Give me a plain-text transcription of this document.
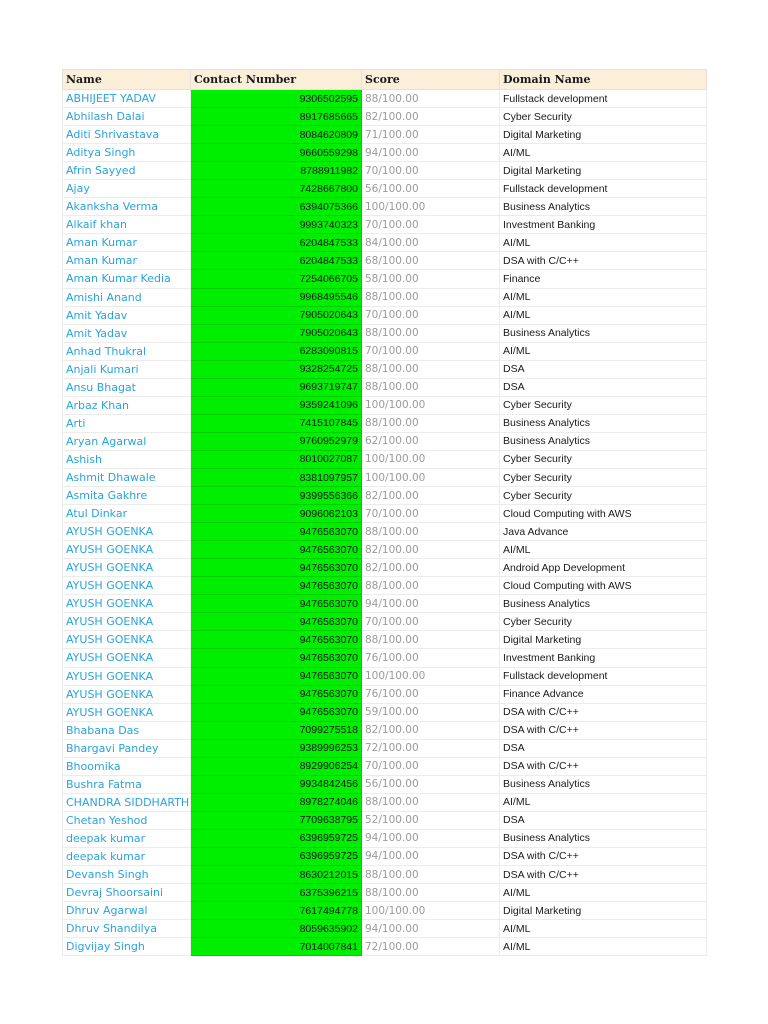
Name	Contact Number	Score	Domain Name
ABHIJEET YADAV	9306502595	88/100.00	Fullstack development
Abhilash Dalai	8917685665	82/100.00	Cyber Security
Aditi Shrivastava	8084620809	71/100.00	Digital Marketing
Aditya Singh	9660559298	94/100.00	AI/ML
Afrin Sayyed	8788911982	70/100.00	Digital Marketing
Ajay	7428667800	56/100.00	Fullstack development
Akanksha Verma	6394075366	100/100.00	Business Analytics
Alkaif khan	9993740323	70/100.00	Investment Banking
Aman Kumar	6204847533	84/100.00	AI/ML
Aman Kumar	6204847533	68/100.00	DSA with C/C++
Aman Kumar Kedia	7254066705	58/100.00	Finance
Amishi Anand	9968495546	88/100.00	AI/ML
Amit Yadav	7905020643	70/100.00	AI/ML
Amit Yadav	7905020643	88/100.00	Business Analytics
Anhad Thukral	6283090815	70/100.00	AI/ML
Anjali Kumari	9328254725	88/100.00	DSA
Ansu Bhagat	9693719747	88/100.00	DSA
Arbaz Khan	9359241096	100/100.00	Cyber Security
Arti	7415107845	88/100.00	Business Analytics
Aryan Agarwal	9760952979	62/100.00	Business Analytics
Ashish	8010027087	100/100.00	Cyber Security
Ashmit Dhawale	8381097957	100/100.00	Cyber Security
Asmita Gakhre	9399556366	82/100.00	Cyber Security
Atul Dinkar	9096062103	70/100.00	Cloud Computing with AWS
AYUSH GOENKA	9476563070	88/100.00	Java Advance
AYUSH GOENKA	9476563070	82/100.00	AI/ML
AYUSH GOENKA	9476563070	82/100.00	Android App Development
AYUSH GOENKA	9476563070	88/100.00	Cloud Computing with AWS
AYUSH GOENKA	9476563070	94/100.00	Business Analytics
AYUSH GOENKA	9476563070	70/100.00	Cyber Security
AYUSH GOENKA	9476563070	88/100.00	Digital Marketing
AYUSH GOENKA	9476563070	76/100.00	Investment Banking
AYUSH GOENKA	9476563070	100/100.00	Fullstack development
AYUSH GOENKA	9476563070	76/100.00	Finance Advance
AYUSH GOENKA	9476563070	59/100.00	DSA with C/C++
Bhabana Das	7099275518	82/100.00	DSA with C/C++
Bhargavi Pandey	9389996253	72/100.00	DSA
Bhoomika	8929906254	70/100.00	DSA with C/C++
Bushra Fatma	9934842456	56/100.00	Business Analytics
CHANDRA SIDDHARTH	8978274046	88/100.00	AI/ML
Chetan Yeshod	7709638795	52/100.00	DSA
deepak kumar	6396959725	94/100.00	Business Analytics
deepak kumar	6396959725	94/100.00	DSA with C/C++
Devansh Singh	8630212015	88/100.00	DSA with C/C++
Devraj Shoorsaini	6375396215	88/100.00	AI/ML
Dhruv Agarwal	7617494778	100/100.00	Digital Marketing
Dhruv Shandilya	8059635902	94/100.00	AI/ML
Digvijay Singh	7014007841	72/100.00	AI/ML
